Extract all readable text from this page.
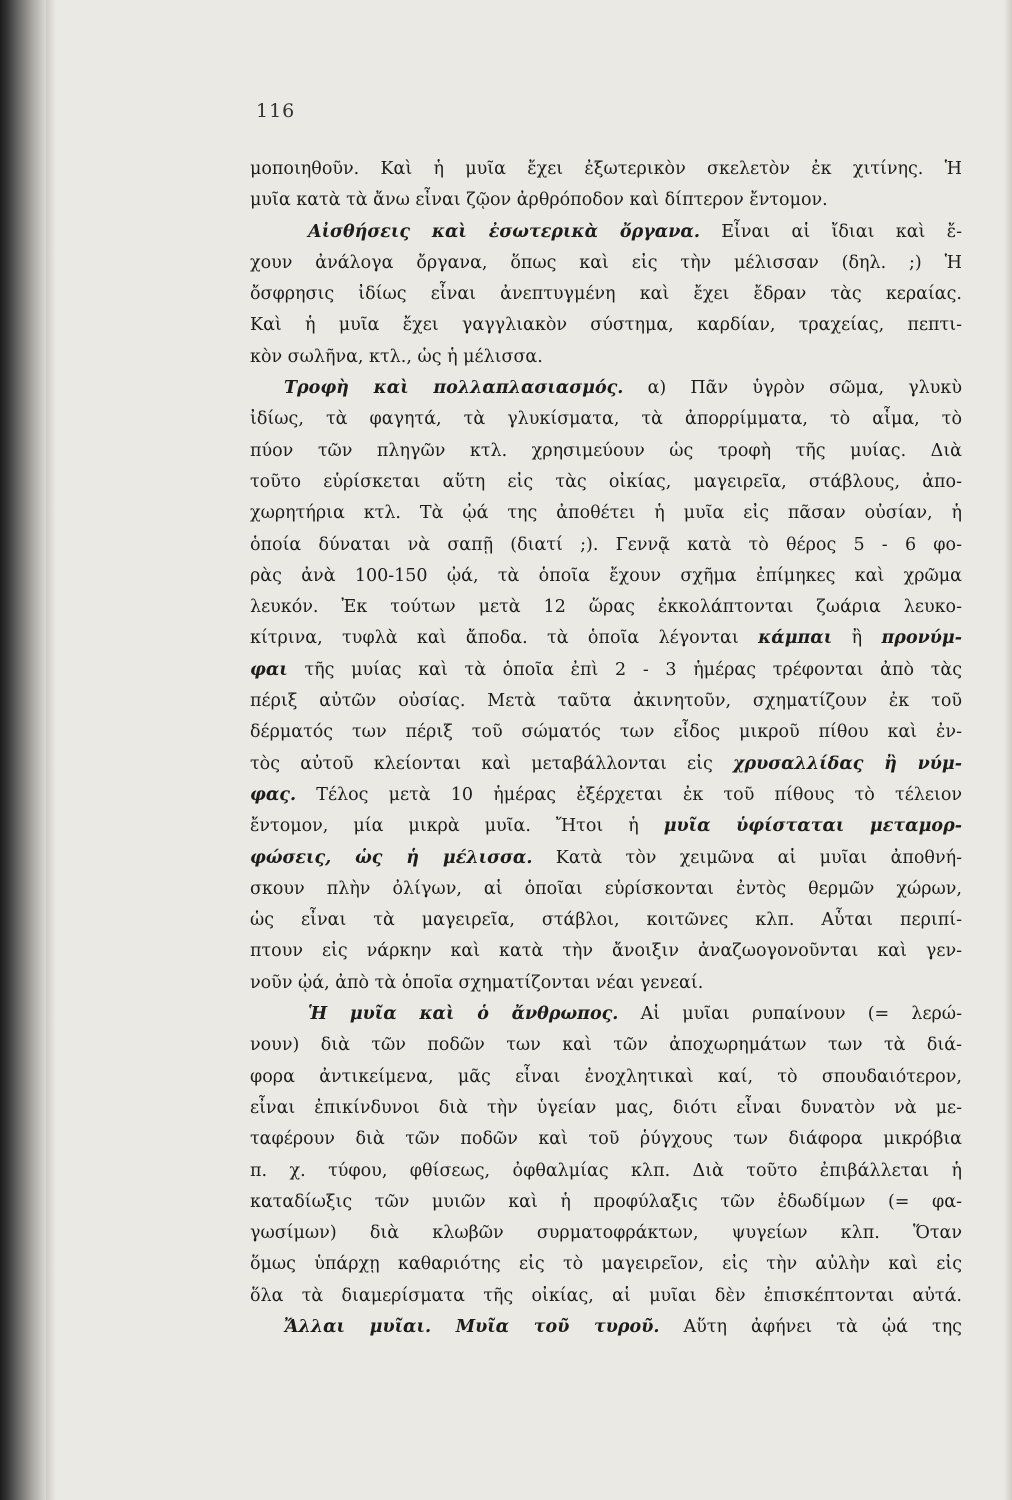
116
μοποιηθοῦν. Καὶ ἡ μυῖα ἔχει ἐξωτερικὸν σκελετὸν ἐκ χιτίνης. Ἡ
μυῖα κατὰ τὰ ἄνω εἶναι ζῷον ἀρθρόποδον καὶ δίπτερον ἔντομον.
Αἰσθήσεις καὶ ἐσωτερικὰ ὄργανα. Εἶναι αἱ ἴδιαι καὶ ἔ-
χουν ἀνάλογα ὄργανα, ὅπως καὶ εἰς τὴν μέλισσαν (δηλ. ;) Ἡ
ὄσφρησις ἰδίως εἶναι ἀνεπτυγμένη καὶ ἔχει ἔδραν τὰς κεραίας.
Καὶ ἡ μυῖα ἔχει γαγγλιακὸν σύστημα, καρδίαν, τραχείας, πεπτι-
κὸν σωλῆνα, κτλ., ὡς ἡ μέλισσα.
Τροφὴ καὶ πολλαπλασιασμός. α) Πᾶν ὑγρὸν σῶμα, γλυκὺ
ἰδίως, τὰ φαγητά, τὰ γλυκίσματα, τὰ ἀπορρίμματα, τὸ αἷμα, τὸ
πύον τῶν πληγῶν κτλ. χρησιμεύουν ὡς τροφὴ τῆς μυίας. Διὰ
τοῦτο εὑρίσκεται αὕτη εἰς τὰς οἰκίας, μαγειρεῖα, στάβλους, ἀπο-
χωρητήρια κτλ. Τὰ ᾠά της ἀποθέτει ἡ μυῖα εἰς πᾶσαν οὐσίαν, ἡ
ὁποία δύναται νὰ σαπῇ (διατί ;). Γεννᾷ κατὰ τὸ θέρος 5 - 6 φο-
ρὰς ἀνὰ 100-150 ᾠά, τὰ ὁποῖα ἔχουν σχῆμα ἐπίμηκες καὶ χρῶμα
λευκόν. Ἐκ τούτων μετὰ 12 ὥρας ἐκκολάπτονται ζωάρια λευκο-
κίτρινα, τυφλὰ καὶ ἄποδα. τὰ ὁποῖα λέγονται κάμπαι ἢ προνύμ-
φαι τῆς μυίας καὶ τὰ ὁποῖα ἐπὶ 2 - 3 ἡμέρας τρέφονται ἀπὸ τὰς
πέριξ αὐτῶν οὐσίας. Μετὰ ταῦτα ἀκινητοῦν, σχηματίζουν ἐκ τοῦ
δέρματός των πέριξ τοῦ σώματός των εἶδος μικροῦ πίθου καὶ ἐν-
τὸς αὐτοῦ κλείονται καὶ μεταβάλλονται εἰς χρυσαλλίδας ἢ νύμ-
φας. Τέλος μετὰ 10 ἡμέρας ἐξέρχεται ἐκ τοῦ πίθους τὸ τέλειον
ἔντομον, μία μικρὰ μυῖα. Ἤτοι ἡ μυῖα ὑφίσταται μεταμορ-
φώσεις, ὡς ἡ μέλισσα. Κατὰ τὸν χειμῶνα αἱ μυῖαι ἀποθνή-
σκουν πλὴν ὀλίγων, αἱ ὁποῖαι εὑρίσκονται ἐντὸς θερμῶν χώρων,
ὡς εἶναι τὰ μαγειρεῖα, στάβλοι, κοιτῶνες κλπ. Αὗται περιπί-
πτουν εἰς νάρκην καὶ κατὰ τὴν ἄνοιξιν ἀναζωογονοῦνται καὶ γεν-
νοῦν ᾠά, ἀπὸ τὰ ὁποῖα σχηματίζονται νέαι γενεαί.
Ἡ μυῖα καὶ ὁ ἄνθρωπος. Αἱ μυῖαι ρυπαίνουν (= λερώ-
νουν) διὰ τῶν ποδῶν των καὶ τῶν ἀποχωρημάτων των τὰ διά-
φορα ἀντικείμενα, μᾶς εἶναι ἐνοχλητικαὶ καί, τὸ σπουδαιότερον,
εἶναι ἐπικίνδυνοι διὰ τὴν ὑγείαν μας, διότι εἶναι δυνατὸν νὰ με-
ταφέρουν διὰ τῶν ποδῶν καὶ τοῦ ῥύγχους των διάφορα μικρόβια
π. χ. τύφου, φθίσεως, ὀφθαλμίας κλπ. Διὰ τοῦτο ἐπιβάλλεται ἡ
καταδίωξις τῶν μυιῶν καὶ ἡ προφύλαξις τῶν ἐδωδίμων (= φα-
γωσίμων) διὰ κλωβῶν συρματοφράκτων, ψυγείων κλπ. Ὅταν
ὅμως ὑπάρχῃ καθαριότης εἰς τὸ μαγειρεῖον, εἰς τὴν αὐλὴν καὶ εἰς
ὅλα τὰ διαμερίσματα τῆς οἰκίας, αἱ μυῖαι δὲν ἐπισκέπτονται αὐτά.
Ἄλλαι μυῖαι. Μυῖα τοῦ τυροῦ. Αὕτη ἀφήνει τὰ ᾠά της
